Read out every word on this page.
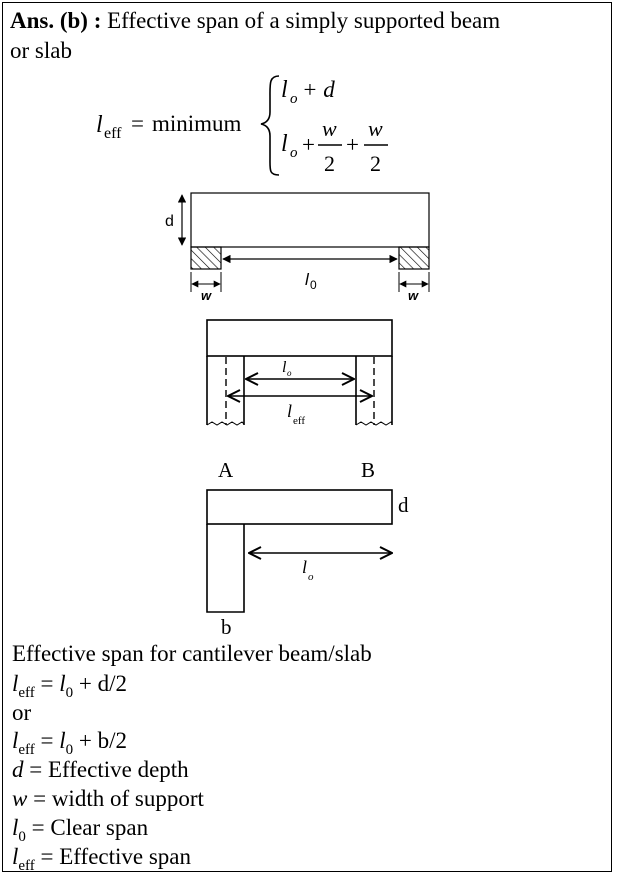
Ans. (b) : Effective span of a simply supported beam
or slab
l eff = minimum
l o + d
l o +
w
2
+
w
2
d
l 0
w	w
l o
l eff
A	B
d
l o
b
Effective span for cantilever beam/slab
$l_{eff} = l_0 + d/2$
or
$l_{eff} = l_0 + b/2$
d = Effective depth
w = width of support
$l_0$ = Clear span
$l_{eff}$ = Effective span
